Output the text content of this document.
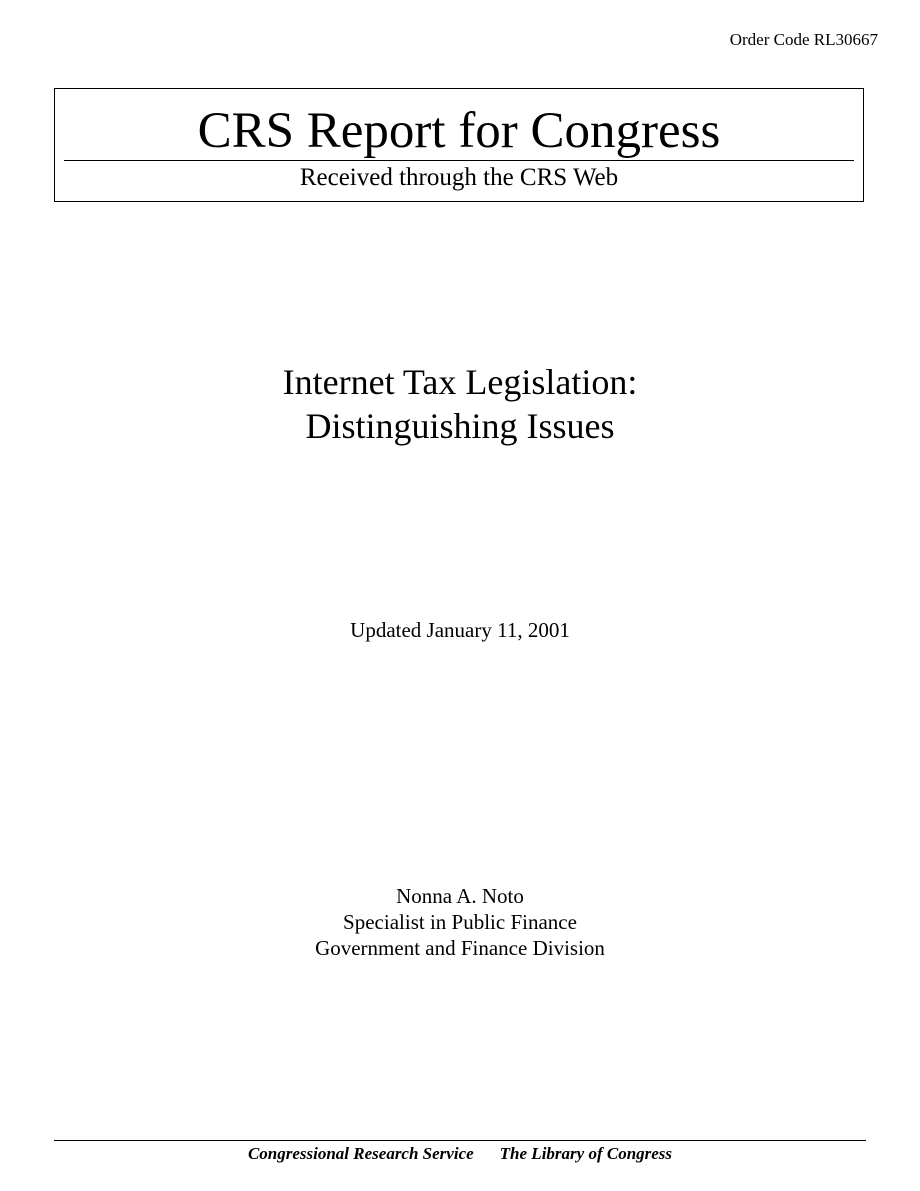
Order Code RL30667
CRS Report for Congress
Received through the CRS Web
Internet Tax Legislation:
Distinguishing Issues
Updated January 11, 2001
Nonna A. Noto
Specialist in Public Finance
Government and Finance Division
Congressional Research Service The Library of Congress
